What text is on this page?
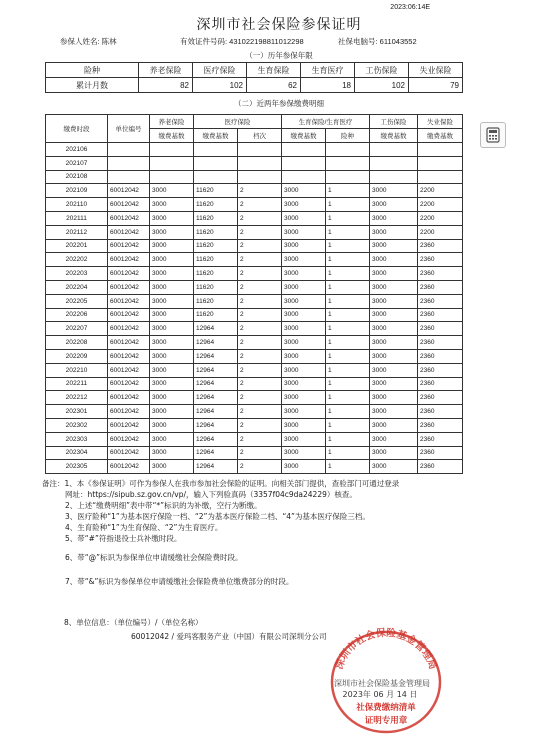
2023:06:14E
深圳市社会保险参保证明
参保人姓名: 陈林	有效证件号码: 431022198811012298	社保电脑号: 611043552
（一）历年参保年限
险种	养老保险	医疗保险	生育保险	生育医疗	工伤保险	失业保险
累计月数	82	102	62	18	102	79
（二）近两年参保缴费明细
缴费时段	单位编号	养老保险	医疗保险		生育保险/生育医疗		工伤保险	失业保险
		缴费基数	缴费基数	档次	缴费基数	险种	缴费基数	缴费基数
202106								
202107								
202108								
202109	60012042	3000	11620	2	3000	1	3000	2200
202110	60012042	3000	11620	2	3000	1	3000	2200
202111	60012042	3000	11620	2	3000	1	3000	2200
202112	60012042	3000	11620	2	3000	1	3000	2200
202201	60012042	3000	11620	2	3000	1	3000	2360
202202	60012042	3000	11620	2	3000	1	3000	2360
202203	60012042	3000	11620	2	3000	1	3000	2360
202204	60012042	3000	11620	2	3000	1	3000	2360
202205	60012042	3000	11620	2	3000	1	3000	2360
202206	60012042	3000	11620	2	3000	1	3000	2360
202207	60012042	3000	12964	2	3000	1	3000	2360
202208	60012042	3000	12964	2	3000	1	3000	2360
202209	60012042	3000	12964	2	3000	1	3000	2360
202210	60012042	3000	12964	2	3000	1	3000	2360
202211	60012042	3000	12964	2	3000	1	3000	2360
202212	60012042	3000	12964	2	3000	1	3000	2360
202301	60012042	3000	12964	2	3000	1	3000	2360
202302	60012042	3000	12964	2	3000	1	3000	2360
202303	60012042	3000	12964	2	3000	1	3000	2360
202304	60012042	3000	12964	2	3000	1	3000	2360
202305	60012042	3000	12964	2	3000	1	3000	2360
备注：1、本《参保证明》可作为参保人在我市参加社会保险的证明。向相关部门提供，查验部门可通过登录
网址：https://sipub.sz.gov.cn/vp/，输入下列验真码（3357f04c9da24229）核查。
2、上述“缴费明细”表中带“*”标识的为补缴，空行为断缴。
3、医疗险种“1”为基本医疗保险一档、“2”为基本医疗保险二档、“4”为基本医疗保险三档。
4、生育险种“1”为生育保险、“2”为生育医疗。
5、带“#”符指退役士兵补缴时段。
6、带“@”标识为参保单位申请缓缴社会保险费时段。
7、带“&”标识为参保单位申请缓缴社会保险费单位缴费部分的时段。
8、单位信息：（单位编号）/（单位名称）
60012042 / 爱玛客服务产业（中国）有限公司深圳分公司
深圳市社会保险基金管理局
深圳市社会保险基金管理局
2023年 06 月 14 日
社保费缴纳清单
证明专用章
